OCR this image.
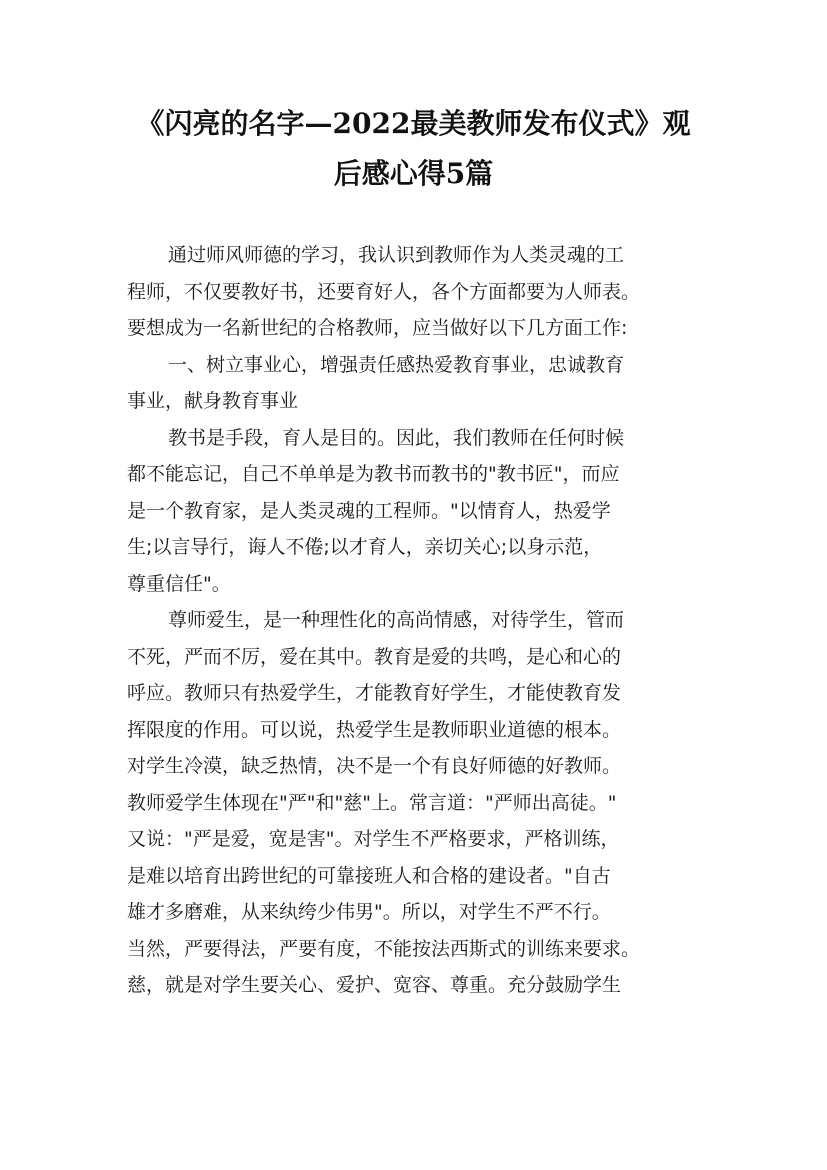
《闪亮的名字—2022最美教师发布仪式》观
后感心得5篇
通过师风师德的学习，我认识到教师作为人类灵魂的工
程师，不仅要教好书，还要育好人，各个方面都要为人师表。
要想成为一名新世纪的合格教师，应当做好以下几方面工作:
一、树立事业心，增强责任感热爱教育事业，忠诚教育
事业，献身教育事业
教书是手段，育人是目的。因此，我们教师在任何时候
都不能忘记，自己不单单是为教书而教书的"教书匠"，而应
是一个教育家，是人类灵魂的工程师。"以情育人，热爱学
生;以言导行，诲人不倦;以才育人，亲切关心;以身示范，
尊重信任"。
尊师爱生，是一种理性化的高尚情感，对待学生，管而
不死，严而不厉，爱在其中。教育是爱的共鸣，是心和心的
呼应。教师只有热爱学生，才能教育好学生，才能使教育发
挥限度的作用。可以说，热爱学生是教师职业道德的根本。
对学生冷漠，缺乏热情，决不是一个有良好师德的好教师。
教师爱学生体现在"严"和"慈"上。常言道："严师出高徒。"
又说："严是爱，宽是害"。对学生不严格要求，严格训练，
是难以培育出跨世纪的可靠接班人和合格的建设者。"自古
雄才多磨难，从来纨绔少伟男"。所以，对学生不严不行。
当然，严要得法，严要有度，不能按法西斯式的训练来要求。
慈，就是对学生要关心、爱护、宽容、尊重。充分鼓励学生
